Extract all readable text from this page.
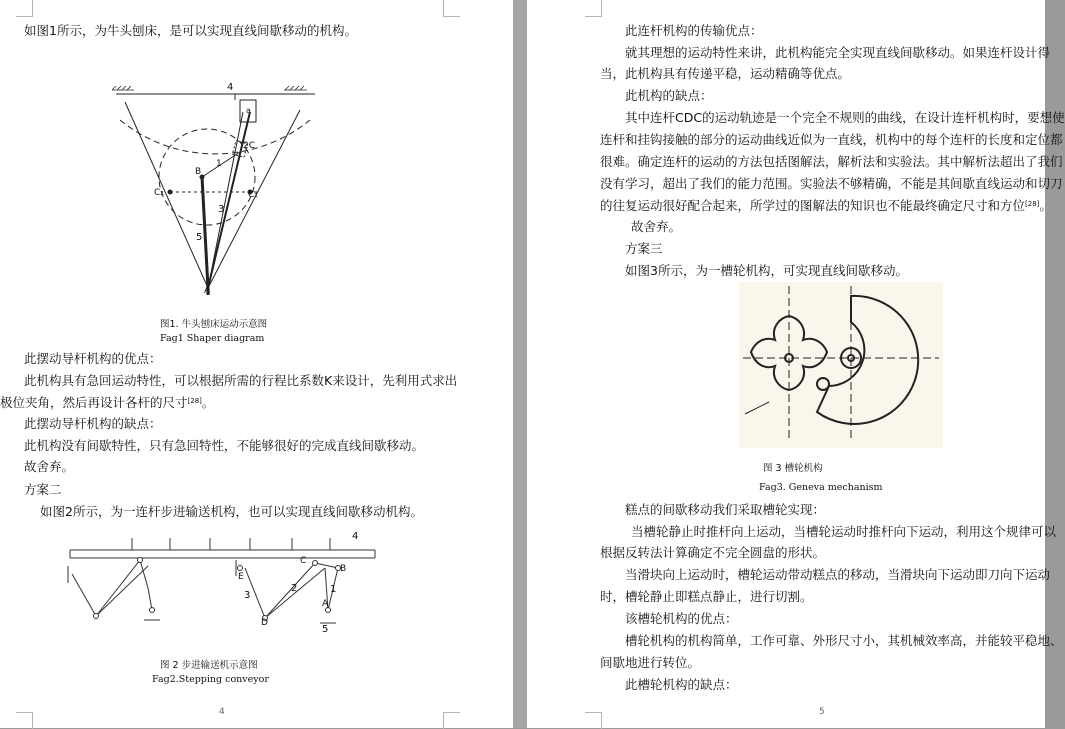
如图1所示，为牛头刨床，是可以实现直线间歇移动的机构。
4
a
2C
B
1
C₂	C₁
3
5
A
图1. 牛头刨床运动示意图
Fag1 Shaper diagram
此摆动导杆机构的优点：
此机构具有急回运动特性，可以根据所需的行程比系数K来设计，先利用式求出
极位夹角，然后再设计各杆的尺寸[28]。
此摆动导杆机构的缺点：
此机构没有间歇特性，只有急回特性，不能够很好的完成直线间歇移动。
故舍弃。
方案二
如图2所示，为一连杆步进输送机构，也可以实现直线间歇移动机构。
4
C
B
E
3
2	1
A
D
5
图 2 步进输送机示意图
Fag2.Stepping conveyor
4
此连杆机构的传输优点：
就其理想的运动特性来讲，此机构能完全实现直线间歇移动。如果连杆设计得
当，此机构具有传递平稳，运动精确等优点。
此机构的缺点：
其中连杆CDC的运动轨迹是一个完全不规则的曲线，在设计连杆机构时，要想使
连杆和挂钩接触的部分的运动曲线近似为一直线，机构中的每个连杆的长度和定位都
很难。确定连杆的运动的方法包括图解法，解析法和实验法。其中解析法超出了我们
没有学习，超出了我们的能力范围。实验法不够精确，不能是其间歇直线运动和切刀
的往复运动很好配合起来，所学过的图解法的知识也不能最终确定尺寸和方位[28]。
故舍弃。
方案三
如图3所示，为一槽轮机构，可实现直线间歇移动。
图 3 槽轮机构
Fag3. Geneva mechanism
糕点的间歇移动我们采取槽轮实现：
当槽轮静止时推杆向上运动，当槽轮运动时推杆向下运动，利用这个规律可以
根据反转法计算确定不完全圆盘的形状。
当滑块向上运动时，槽轮运动带动糕点的移动，当滑块向下运动即刀向下运动
时，槽轮静止即糕点静止，进行切割。
该槽轮机构的优点：
槽轮机构的机构简单，工作可靠、外形尺寸小，其机械效率高，并能较平稳地、
间歇地进行转位。
此槽轮机构的缺点：
5
